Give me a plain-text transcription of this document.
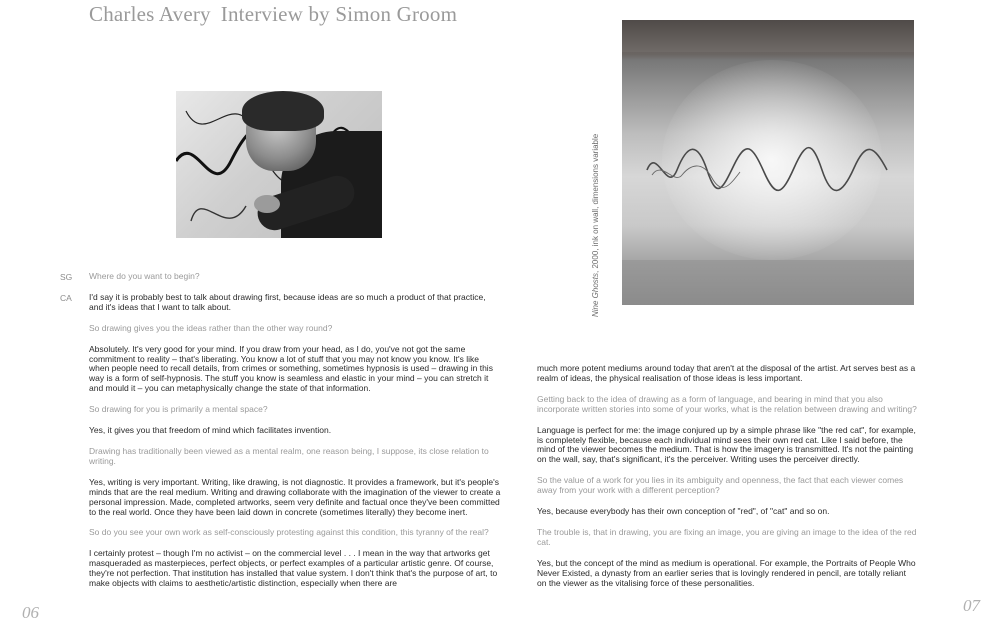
Charles Avery Interview by Simon Groom
Nine Ghosts, 2000, ink on wall, dimensions variable
SG
CA

Where do you want to begin?

I'd say it is probably best to talk about drawing first, because ideas are so much a product of that practice, and it's ideas that I want to talk about.

So drawing gives you the ideas rather than the other way round?

Absolutely. It's very good for your mind. If you draw from your head, as I do, you've not got the same commitment to reality – that's liberating. You know a lot of stuff that you may not know you know. It's like when people need to recall details, from crimes or something, sometimes hypnosis is used – drawing in this way is a form of self-hypnosis. The stuff you know is seamless and elastic in your mind – you can stretch it and mould it – you can metaphysically change the state of that information.

So drawing for you is primarily a mental space?

Yes, it gives you that freedom of mind which facilitates invention.

Drawing has traditionally been viewed as a mental realm, one reason being, I suppose, its close relation to writing.

Yes, writing is very important. Writing, like drawing, is not diagnostic. It provides a framework, but it's people's minds that are the real medium. Writing and drawing collaborate with the imagination of the viewer to create a personal impression. Made, completed artworks, seem very definite and factual once they've been committed to the real world. Once they have been laid down in concrete (sometimes literally) they become inert.

So do you see your own work as self-consciously protesting against this condition, this tyranny of the real?

I certainly protest – though I'm no activist – on the commercial level . . . I mean in the way that artworks get masqueraded as masterpieces, perfect objects, or perfect examples of a particular artistic genre. Of course, they're not perfection. That institution has installed that value system. I don't think that's the purpose of art, to make objects with claims to aesthetic/artistic distinction, especially when there are

much more potent mediums around today that aren't at the disposal of the artist. Art serves best as a realm of ideas, the physical realisation of those ideas is less important.

Getting back to the idea of drawing as a form of language, and bearing in mind that you also incorporate written stories into some of your works, what is the relation between drawing and writing?

Language is perfect for me: the image conjured up by a simple phrase like "the red cat", for example, is completely flexible, because each individual mind sees their own red cat. Like I said before, the mind of the viewer becomes the medium. That is how the imagery is transmitted. It's not the painting on the wall, say, that's significant, it's the perceiver. Writing uses the perceiver directly.

So the value of a work for you lies in its ambiguity and openness, the fact that each viewer comes away from your work with a different perception?

Yes, because everybody has their own conception of "red", of "cat" and so on.

The trouble is, that in drawing, you are fixing an image, you are giving an image to the idea of the red cat.

Yes, but the concept of the mind as medium is operational. For example, the Portraits of People Who Never Existed, a dynasty from an earlier series that is lovingly rendered in pencil, are totally reliant on the viewer as the vitalising force of these personalities.

06	07
